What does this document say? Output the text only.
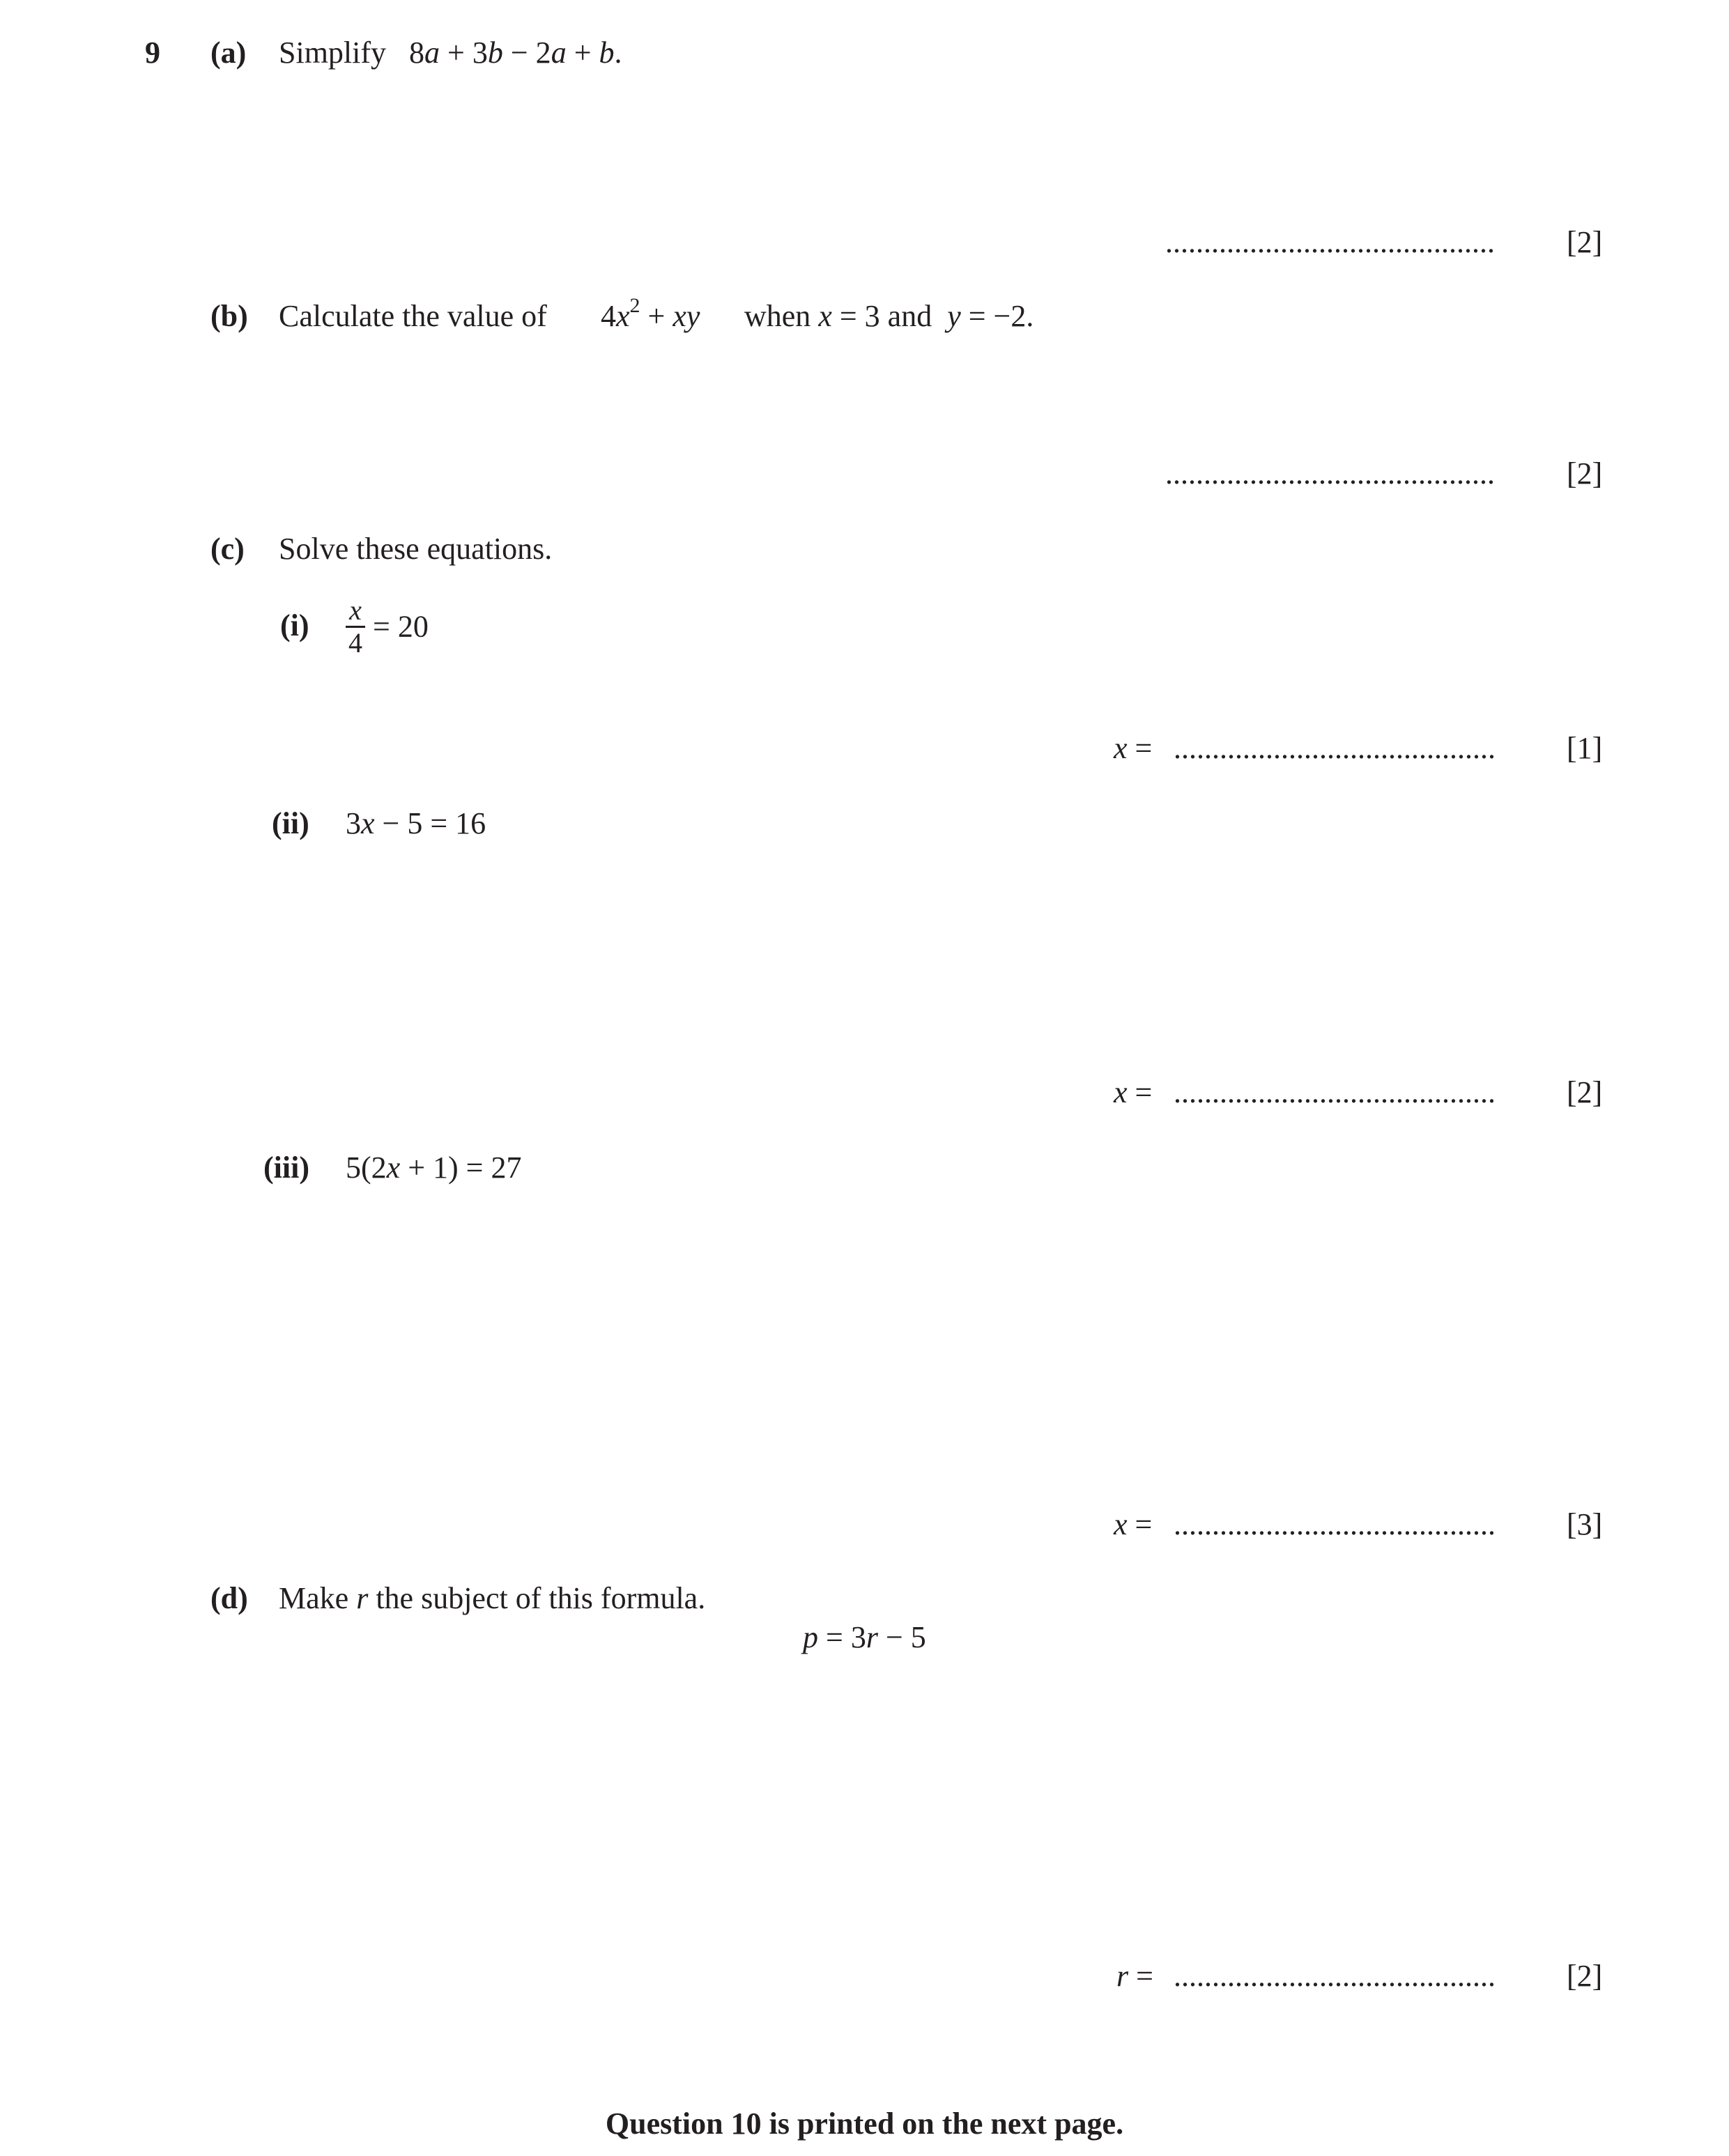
9 (a) Simplify 8a + 3b − 2a + b.
........................................... [2]
(b) Calculate the value of $4x^2$ + xy when x = 3 and y = −2.
........................................... [2]
(c) Solve these equations.
$(i) \frac{x}{4} = 20$
x = .......................................... [1]
(ii) 3x − 5 = 16
x = .......................................... [2]
(iii) 5(2x + 1) = 27
x = .......................................... [3]
(d) Make r the subject of this formula.
p = 3r − 5
r = .......................................... [2]
Question 10 is printed on the next page.
